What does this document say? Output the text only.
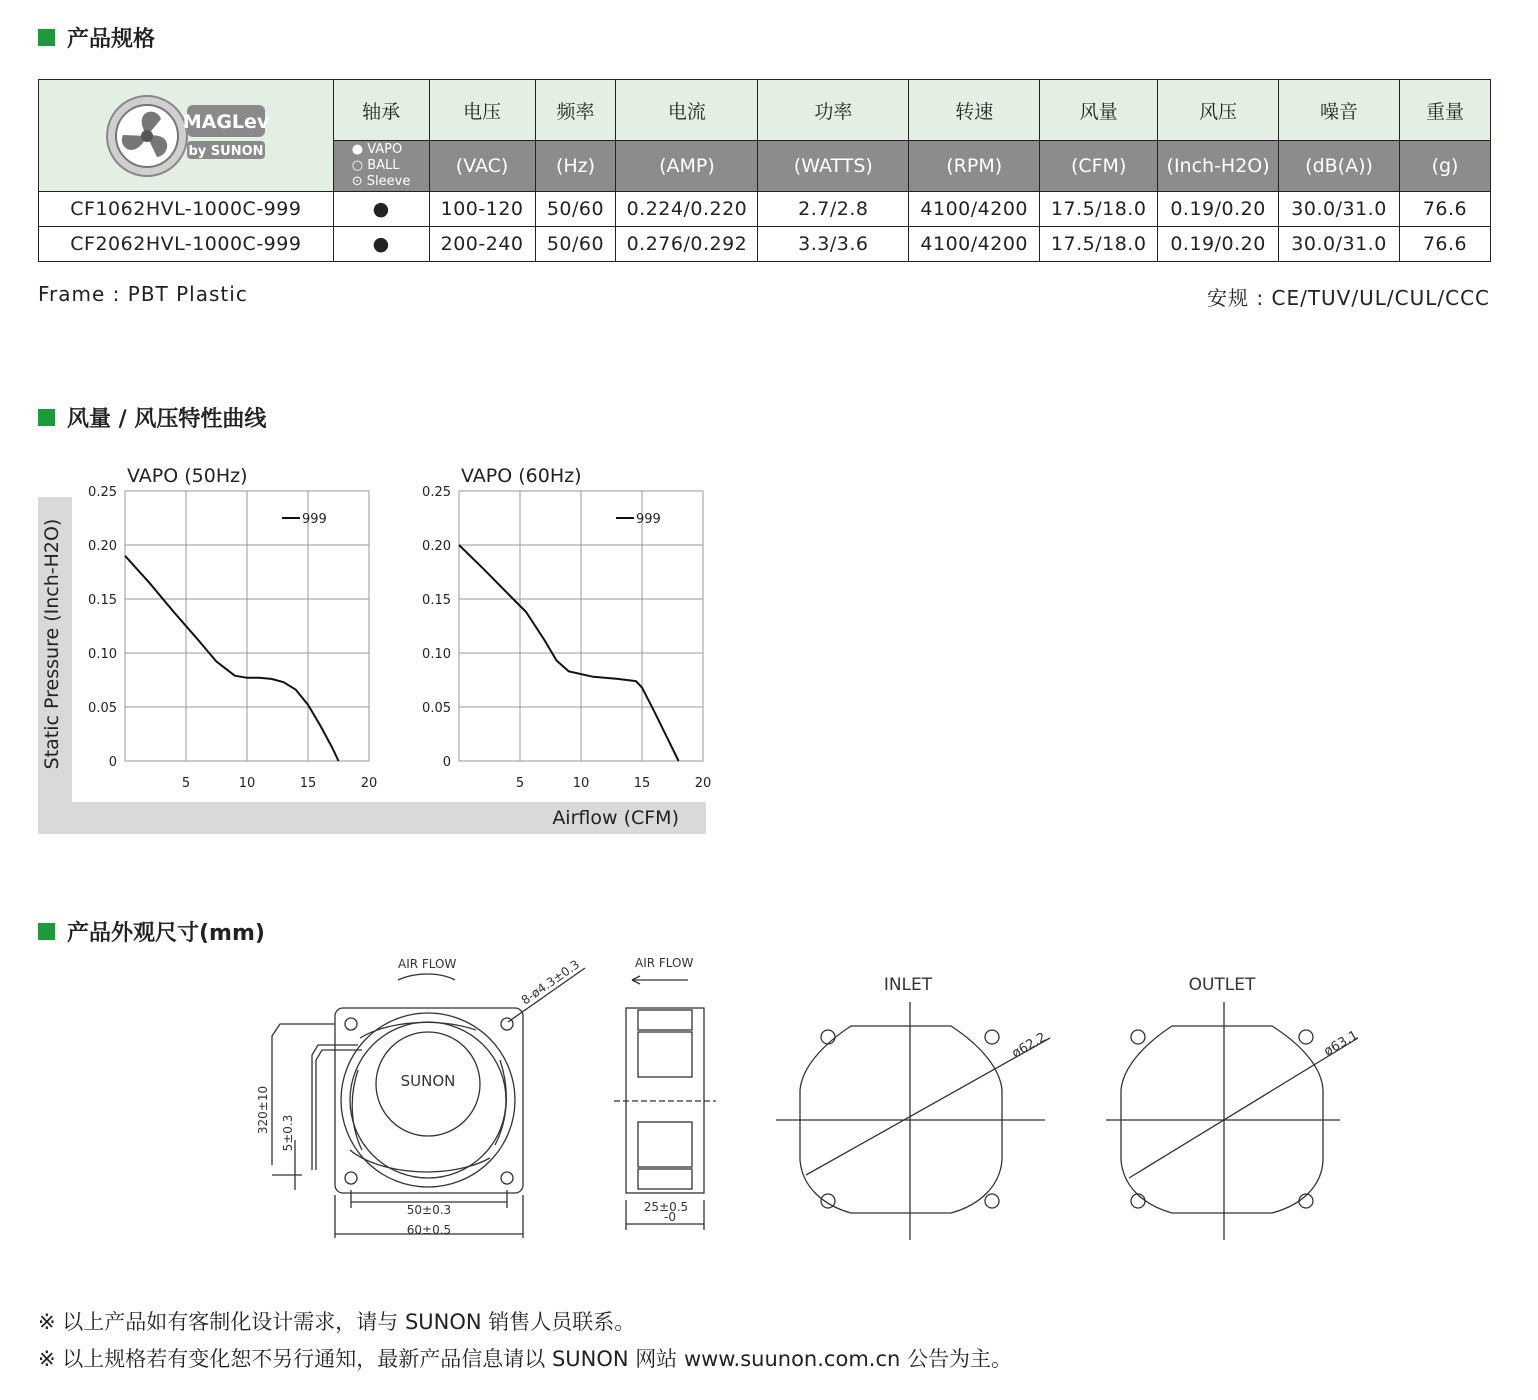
产品规格
风量 / 风压特性曲线
产品外观尺寸(mm)
MAGLev
by SUNON	轴承	电压	频率	电流	功率	转速	风量	风压	噪音	重量

	● VAPO
○ BALL
⊙ Sleeve	(VAC)	(Hz)	(AMP)	(WATTS)	(RPM)	(CFM)	(Inch-H2O)	(dB(A))	(g)
CF1062HVL-1000C-999	●	100-120	50/60	0.224/0.220	2.7/2.8	4100/4200	17.5/18.0	0.19/0.20	30.0/31.0	76.6
CF2062HVL-1000C-999	●	200-240	50/60	0.276/0.292	3.3/3.6	4100/4200	17.5/18.0	0.19/0.20	30.0/31.0	76.6
Frame : PBT Plastic	安规 : CE/TUV/UL/CUL/CCC
Static Pressure (Inch-H2O)
Airflow (CFM)
5	10	15	20
0
0.05
0.10
0.15
0.20
0.25
VAPO (50Hz)
999
5	10	15	20
0
0.05
0.10
0.15
0.20
0.25
VAPO (60Hz)
999
AIR FLOW	AIR FLOW
8-ø4.3±0.3
SUNON
320±10 5±0.3
50±0.3
60±0.5
25±0.5
-0
INLET	OUTLET
ø62.2	ø63.1
※ 以上产品如有客制化设计需求，请与 SUNON 销售人员联系。
※ 以上规格若有变化恕不另行通知，最新产品信息请以 SUNON 网站 www.suunon.com.cn 公告为主。
